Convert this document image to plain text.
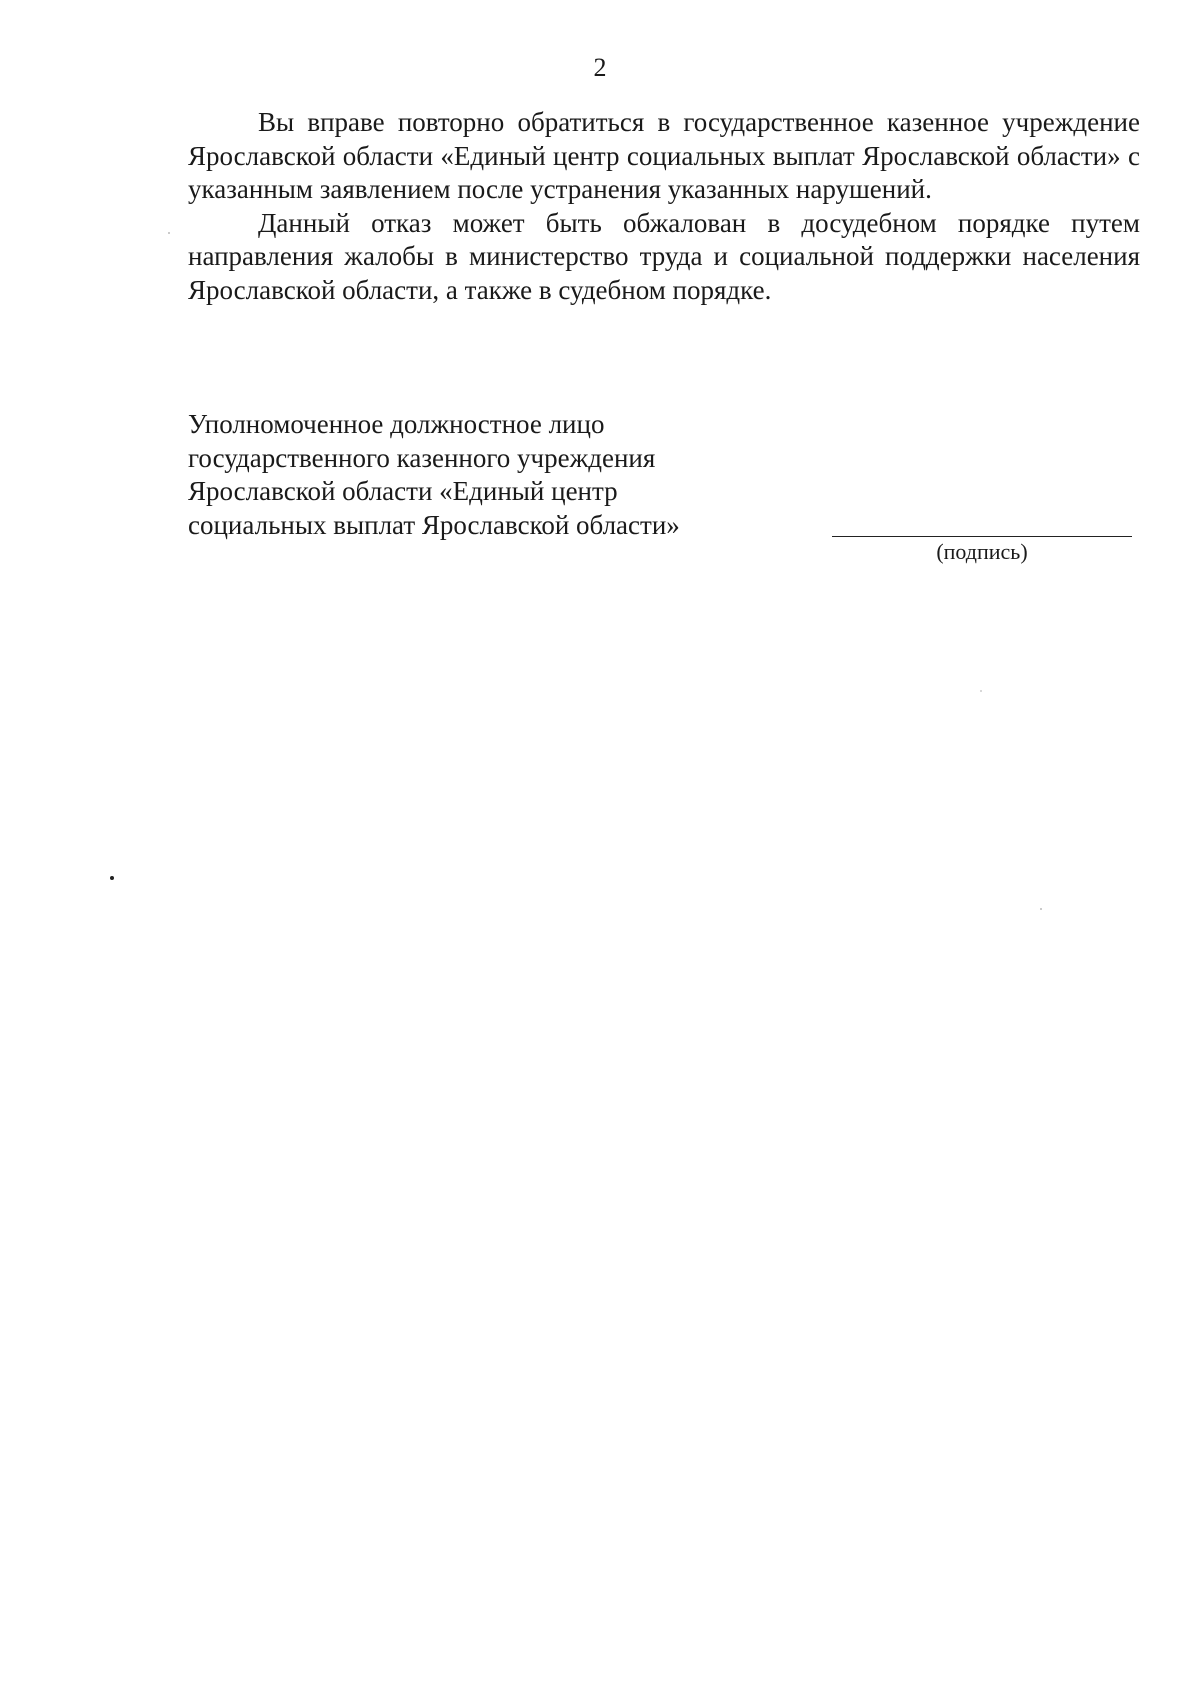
2

Вы вправе повторно обратиться в государственное казенное учреждение Ярославской области «Единый центр социальных выплат Ярославской области» с указанным заявлением после устранения указанных нарушений.

Данный отказ может быть обжалован в досудебном порядке путем направления жалобы в министерство труда и социальной поддержки населения Ярославской области, а также в судебном порядке.

Уполномоченное должностное лицо
государственного казенного учреждения
Ярославской области «Единый центр
социальных выплат Ярославской области»
(подпись)
